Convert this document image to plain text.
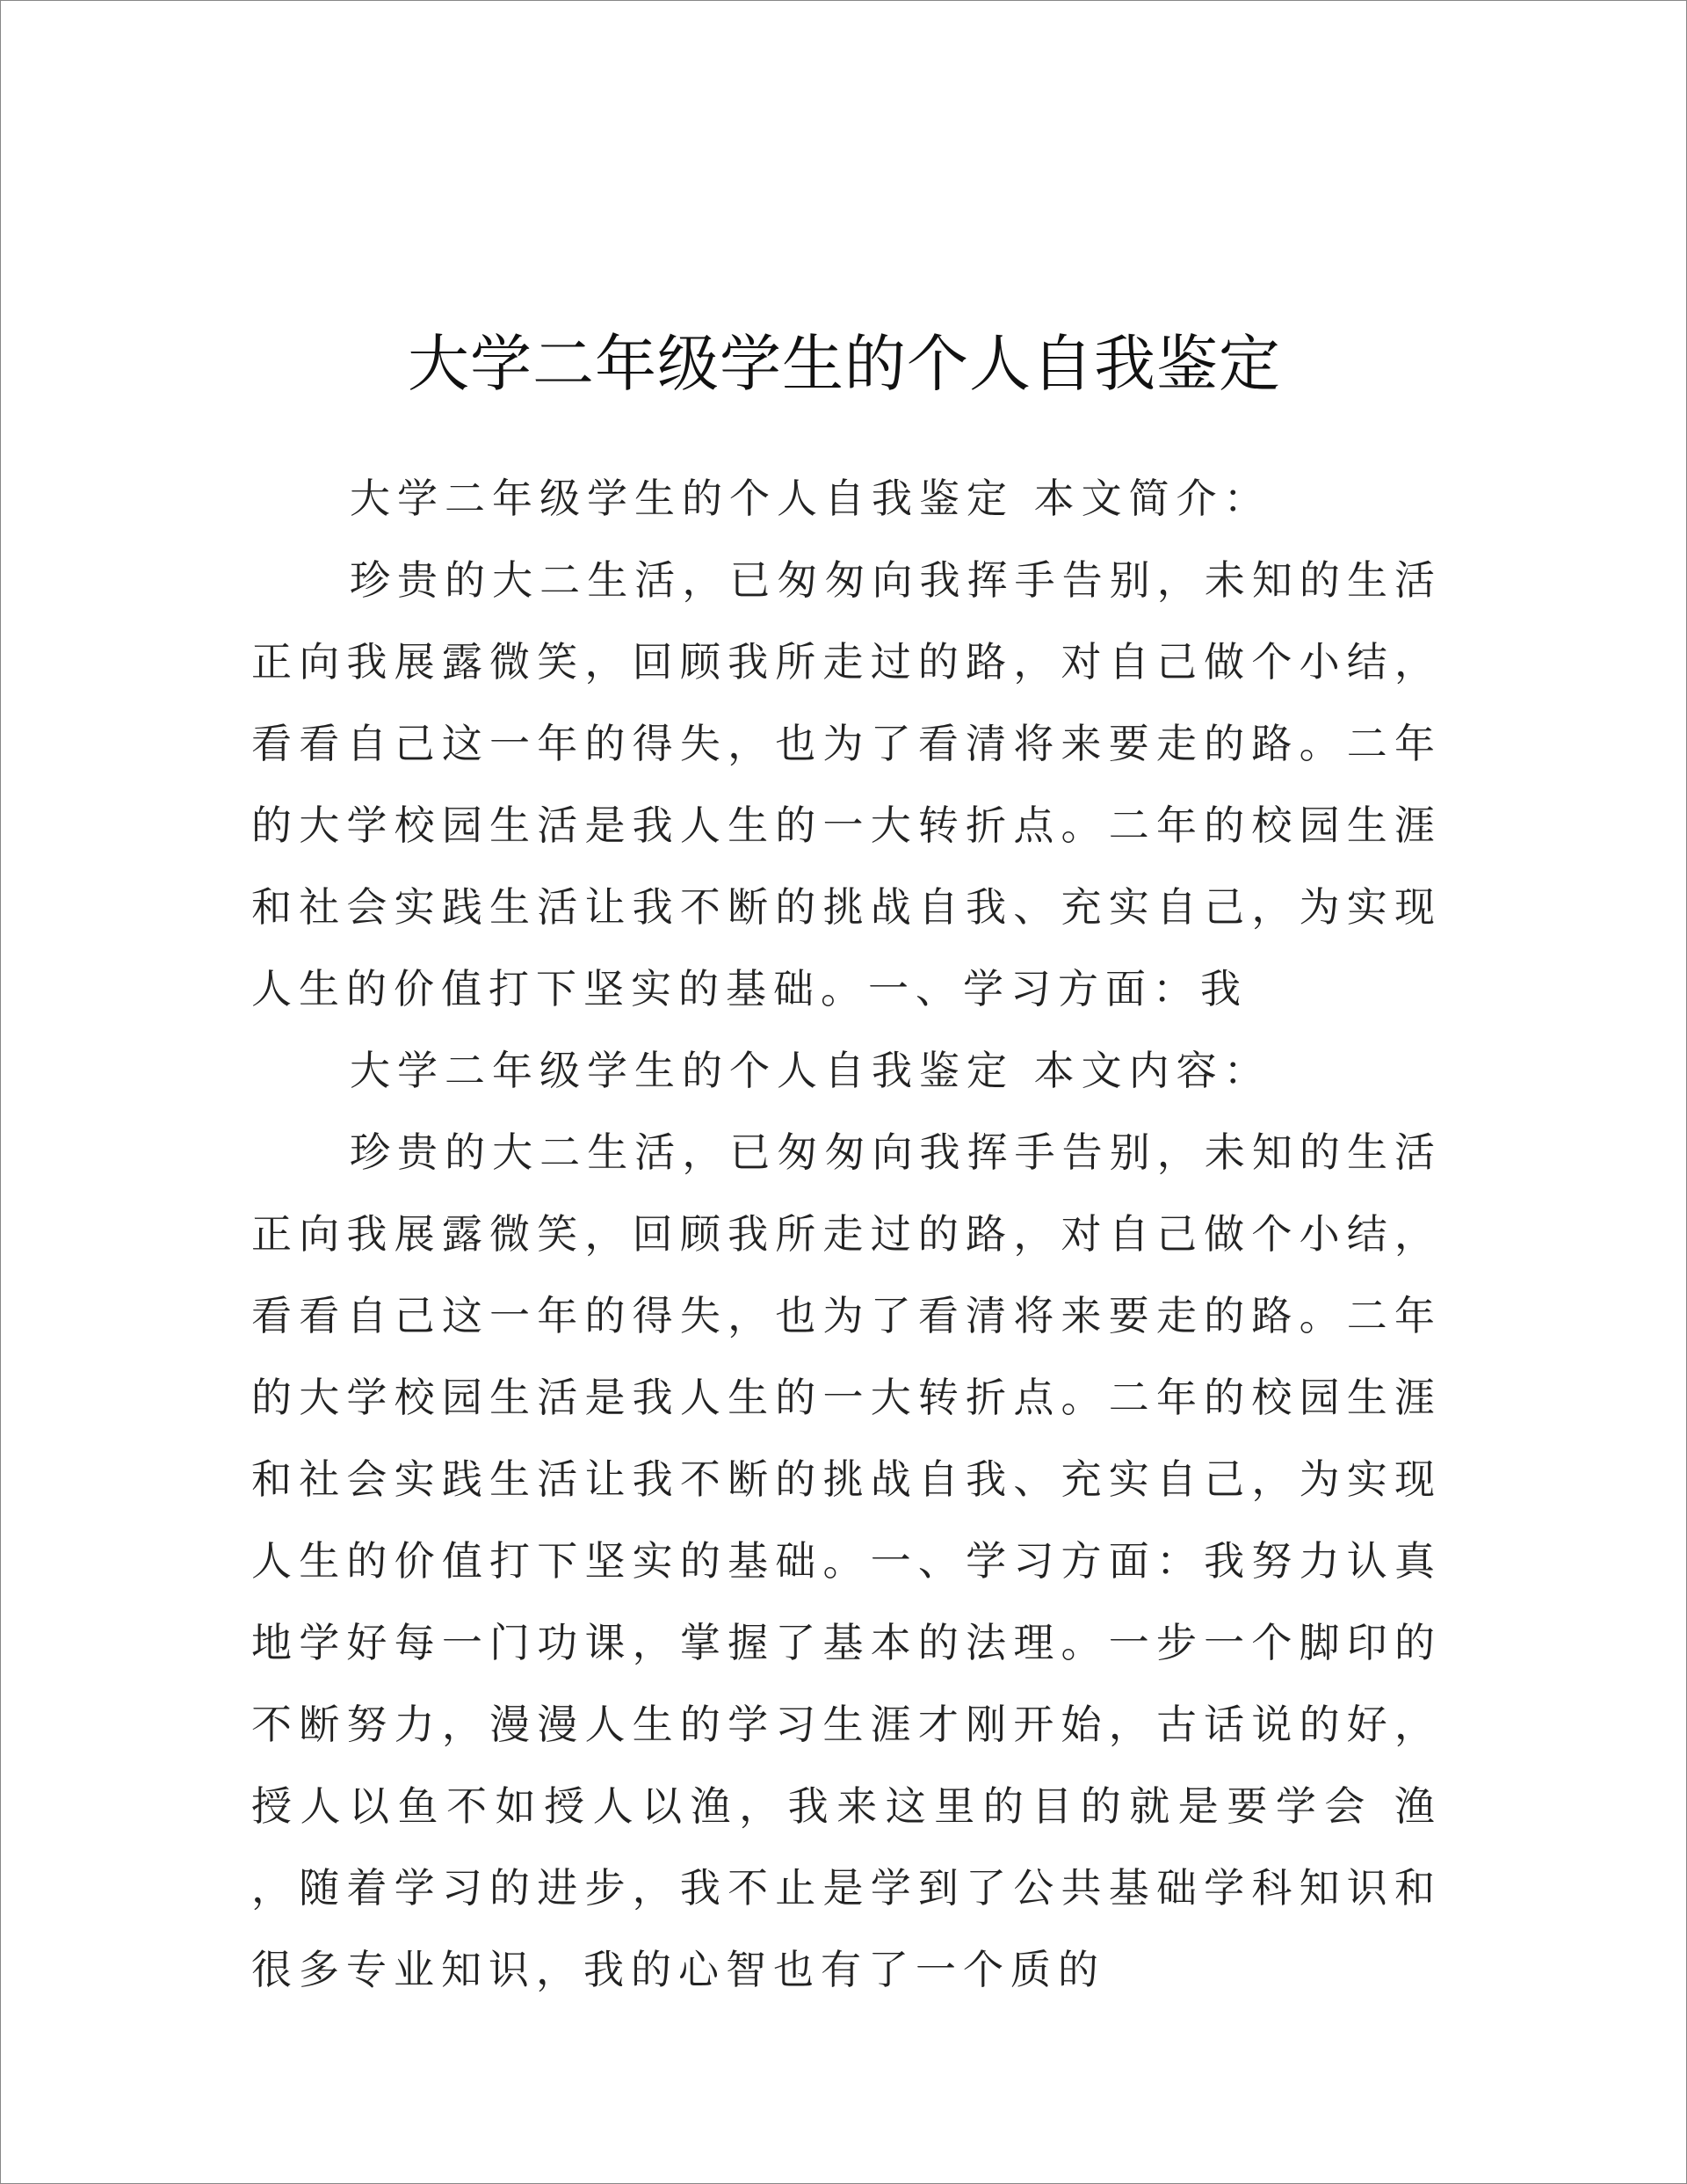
大学二年级学生的个人自我鉴定

大学二年级学生的个人自我鉴定 本文简介：

珍贵的大二生活，已匆匆向我挥手告别，未知的生活正向我展露微笑，回顾我所走过的路，对自己做个小结，看看自己这一年的得失，也为了看清将来要走的路。二年的大学校园生活是我人生的一大转折点。二年的校园生涯和社会实践生活让我不断的挑战自我、充实自己，为实现人生的价值打下坚实的基础。一、学习方面：我

大学二年级学生的个人自我鉴定 本文内容：

珍贵的大二生活，已匆匆向我挥手告别，未知的生活正向我展露微笑，回顾我所走过的路，对自己做个小结，看看自己这一年的得失，也为了看清将来要走的路。二年的大学校园生活是我人生的一大转折点。二年的校园生涯和社会实践生活让我不断的挑战自我、充实自己，为实现人生的价值打下坚实的基础。一、学习方面：我努力认真地学好每一门功课，掌握了基本的法理。一步一个脚印的不断努力，漫漫人生的学习生涯才刚开始，古话说的好，授人以鱼不如授人以渔，我来这里的目的就是要学会 渔 ，随着学习的进步，我不止是学到了公共基础学科知识和很多专业知识，我的心智也有了一个质的
